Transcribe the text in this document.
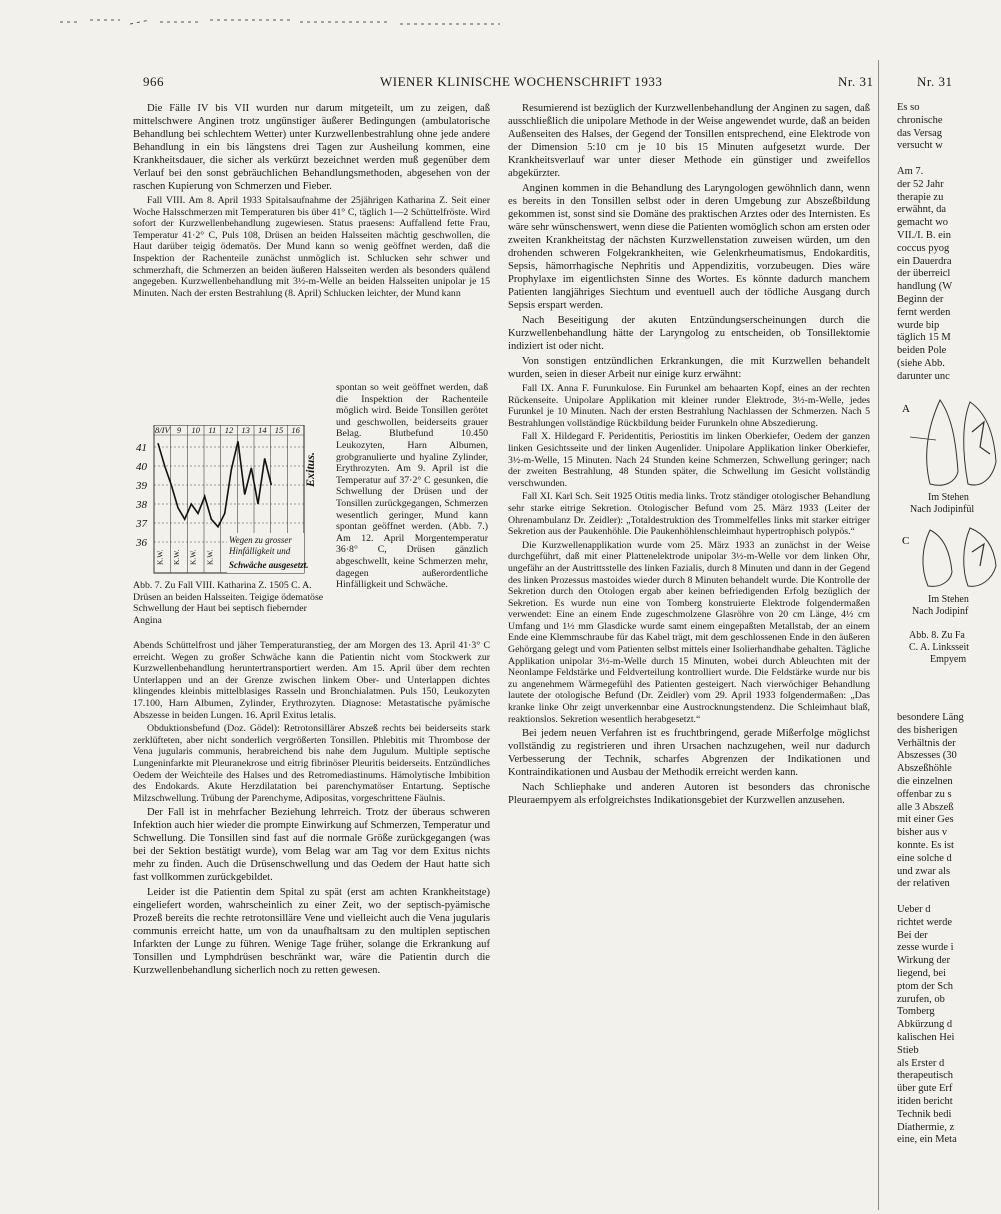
966	WIENER KLINISCHE WOCHENSCHRIFT 1933	Nr. 31	Nr. 31

Die Fälle IV bis VII wurden nur darum mitgeteilt, um zu zeigen, daß mittelschwere Anginen trotz ungünstiger äußerer Bedingungen (ambulatorische Behandlung bei schlechtem Wetter) unter Kurzwellenbestrahlung ohne jede andere Behandlung in ein bis längstens drei Tagen zur Ausheilung kommen, eine Krankheitsdauer, die sicher als verkürzt bezeichnet werden muß gegenüber dem Verlauf bei den sonst gebräuchlichen Behandlungsmethoden, abgesehen von der raschen Kupierung von Schmerzen und Fieber.

Fall VIII. Am 8. April 1933 Spitalsaufnahme der 25jährigen Katharina Z. Seit einer Woche Halsschmerzen mit Temperaturen bis über 41° C, täglich 1—2 Schüttelfröste. Wird sofort der Kurzwellenbehandlung zugewiesen. Status praesens: Auffallend fette Frau, Temperatur 41·2° C, Puls 108, Drüsen an beiden Halsseiten mächtig geschwollen, die Haut darüber teigig ödematös. Der Mund kann so wenig geöffnet werden, daß die Inspektion der Rachenteile zunächst unmöglich ist. Schlucken sehr schwer und schmerzhaft, die Schmerzen an beiden äußeren Halsseiten werden als besonders quälend angegeben. Kurzwellenbehandlung mit 3½-m-Welle an beiden Halsseiten unipolar je 15 Minuten. Nach der ersten Bestrahlung (8. April) Schlucken leichter, der Mund kann

8/IV 9 10 11 12 13 14 15 16
41
40
39
38
37
36
Exitus.
Wegen zu grosser
Hinfälligkeit und
Schwäche ausgesetzt.
K.W. K.W. K.W. K.W.
spontan so weit geöffnet werden, daß die Inspektion der Rachenteile möglich wird. Beide Tonsillen gerötet und geschwollen, beiderseits grauer Belag. Blutbefund 10.450 Leukozyten, Harn Albumen, grobgranulierte und hyaline Zylinder, Erythrozyten. Am 9. April ist die Temperatur auf 37·2° C gesunken, die Schwellung der Drüsen und der Tonsillen zurückgegangen, Schmerzen wesentlich geringer, Mund kann spontan geöffnet werden. (Abb. 7.) Am 12. April Morgentemperatur 36·8° C, Drüsen gänzlich abgeschwellt, keine Schmerzen mehr, dagegen außerordentliche Hinfälligkeit und Schwäche.
Abb. 7. Zu Fall VIII. Katharina Z. 1505 C. A. Drüsen an beiden Halsseiten. Teigige ödematöse Schwellung der Haut bei septisch fiebernder Angina

Abends Schüttelfrost und jäher Temperaturanstieg, der am Morgen des 13. April 41·3° C erreicht. Wegen zu großer Schwäche kann die Patientin nicht vom Stockwerk zur Kurzwellenbehandlung heruntertransportiert werden. Am 15. April über dem rechten Unterlappen und an der Grenze zwischen linkem Ober- und Unterlappen dichtes klingendes kleinbis mittelblasiges Rasseln und Bronchialatmen. Puls 150, Leukozyten 17.100, Harn Albumen, Zylinder, Erythrozyten. Diagnose: Metastatische pyämische Abszesse in beiden Lungen. 16. April Exitus letalis.

Obduktionsbefund (Doz. Gödel): Retrotonsillärer Abszeß rechts bei beiderseits stark zerklüfteten, aber nicht sonderlich vergrößerten Tonsillen. Phlebitis mit Thrombose der Vena jugularis communis, herabreichend bis nahe dem Jugulum. Multiple septische Lungeninfarkte mit Pleuranekrose und eitrig fibrinöser Pleuritis beiderseits. Entzündliches Oedem der Weichteile des Halses und des Retromediastinums. Hämolytische Imbibition des Endokards. Akute Herzdilatation bei parenchymatöser Entartung. Septische Milzschwellung. Trübung der Parenchyme, Adipositas, vorgeschrittene Fäulnis.

Der Fall ist in mehrfacher Beziehung lehrreich. Trotz der überaus schweren Infektion auch hier wieder die prompte Einwirkung auf Schmerzen, Temperatur und Schwellung. Die Tonsillen sind fast auf die normale Größe zurückgegangen (was bei der Sektion bestätigt wurde), vom Belag war am Tag vor dem Exitus nichts mehr zu finden. Auch die Drüsenschwellung und das Oedem der Haut hatte sich fast vollkommen zurückgebildet.

Leider ist die Patientin dem Spital zu spät (erst am achten Krankheitstage) eingeliefert worden, wahrscheinlich zu einer Zeit, wo der septisch-pyämische Prozeß bereits die rechte retrotonsilläre Vene und vielleicht auch die Vena jugularis communis erreicht hatte, um von da unaufhaltsam zu den multiplen septischen Infarkten der Lunge zu führen. Wenige Tage früher, solange die Erkrankung auf Tonsillen und Lymphdrüsen beschränkt war, wäre die Patientin durch die Kurzwellenbehandlung sicherlich noch zu retten gewesen.

Resumierend ist bezüglich der Kurzwellenbehandlung der Anginen zu sagen, daß ausschließlich die unipolare Methode in der Weise angewendet wurde, daß an beiden Außenseiten des Halses, der Gegend der Tonsillen entsprechend, eine Elektrode von der Dimension 5:10 cm je 10 bis 15 Minuten aufgesetzt wurde. Der Krankheitsverlauf war unter dieser Methode ein günstiger und zweifellos abgekürzter.

Anginen kommen in die Behandlung des Laryngologen gewöhnlich dann, wenn es bereits in den Tonsillen selbst oder in deren Umgebung zur Abszeßbildung gekommen ist, sonst sind sie Domäne des praktischen Arztes oder des Internisten. Es wäre sehr wünschenswert, wenn diese die Patienten womöglich schon am ersten oder zweiten Krankheitstag der nächsten Kurzwellenstation zuweisen würden, um den drohenden schweren Folgekrankheiten, wie Gelenkrheumatismus, Endokarditis, Sepsis, hämorrhagische Nephritis und Appendizitis, vorzubeugen. Dies wäre Prophylaxe im eigentlichsten Sinne des Wortes. Es könnte dadurch manchem Patienten langjähriges Siechtum und eventuell auch der tödliche Ausgang durch Sepsis erspart werden.

Nach Beseitigung der akuten Entzündungserscheinungen durch die Kurzwellenbehandlung hätte der Laryngolog zu entscheiden, ob Tonsillektomie indiziert ist oder nicht.

Von sonstigen entzündlichen Erkrankungen, die mit Kurzwellen behandelt wurden, seien in dieser Arbeit nur einige kurz erwähnt:

Fall IX. Anna F. Furunkulose. Ein Furunkel am behaarten Kopf, eines an der rechten Rückenseite. Unipolare Applikation mit kleiner runder Elektrode, 3½-m-Welle, jedes Furunkel je 10 Minuten. Nach der ersten Bestrahlung Nachlassen der Schmerzen. Nach 5 Bestrahlungen vollständige Rückbildung beider Furunkeln ohne Abszedierung.

Fall X. Hildegard F. Peridentitis, Periostitis im linken Oberkiefer, Oedem der ganzen linken Gesichtsseite und der linken Augenlider. Unipolare Applikation linker Oberkiefer, 3½-m-Welle, 15 Minuten. Nach 24 Stunden keine Schmerzen, Schwellung geringer; nach der zweiten Bestrahlung, 48 Stunden später, die Schwellung im Gesicht vollständig verschwunden.

Fall XI. Karl Sch. Seit 1925 Otitis media links. Trotz ständiger otologischer Behandlung sehr starke eitrige Sekretion. Otologischer Befund vom 25. März 1933 (Leiter der Ohrenambulanz Dr. Zeidler): „Totaldestruktion des Trommelfelles links mit starker eitriger Sekretion aus der Paukenhöhle. Die Paukenhöhlenschleimhaut hypertrophisch polypös.“

Die Kurzwellenapplikation wurde vom 25. März 1933 an zunächst in der Weise durchgeführt, daß mit einer Plattenelektrode unipolar 3½-m-Welle vor dem linken Ohr, ungefähr an der Austrittsstelle des linken Fazialis, durch 8 Minuten und dann in der Gegend des linken Prozessus mastoides wieder durch 8 Minuten behandelt wurde. Die Kontrolle der Sekretion durch den Otologen ergab aber keinen befriedigenden Erfolg bezüglich der Sekretion. Es wurde nun eine von Tomberg konstruierte Elektrode folgendermaßen verwendet: Eine an einem Ende zugeschmolzene Glasröhre von 20 cm Länge, 4½ cm Umfang und 1½ mm Glasdicke wurde samt einem eingepaßten Metallstab, der an einem Ende eine Klemmschraube für das Kabel trägt, mit dem geschlossenen Ende in den äußeren Gehörgang gelegt und vom Patienten selbst mittels einer Isolierhandhabe gehalten. Tägliche Applikation unipolar 3½-m-Welle durch 15 Minuten, wobei durch Ableuchten mit der Neonlampe Feldstärke und Feldverteilung kontrolliert wurde. Die Feldstärke wurde nur bis zu angenehmem Wärmegefühl des Patienten gesteigert. Nach vierwöchiger Behandlung lautete der otologische Befund (Dr. Zeidler) vom 29. April 1933 folgendermaßen: „Das kranke linke Ohr zeigt unverkennbar eine Austrocknungstendenz. Die Schleimhaut blaß, reaktionslos. Sekretion wesentlich herabgesetzt.“

Bei jedem neuen Verfahren ist es fruchtbringend, gerade Mißerfolge möglichst vollständig zu registrieren und ihren Ursachen nachzugehen, weil nur dadurch Verbesserung der Technik, scharfes Abgrenzen der Indikationen und Kontraindikationen und Ausbau der Methodik erreicht werden kann.

Nach Schliephake und anderen Autoren ist besonders das chronische Pleuraempyem als erfolgreichstes Indikationsgebiet der Kurzwellen anzusehen.

Es so
chronische
das Versag
versucht w

Am 7.
der 52 Jahr
therapie zu
erwähnt, da
gemacht wo
VII./I. B. ein
coccus pyog
ein Dauerdra
der überreicl
handlung (W
Beginn der
fernt werden
wurde bip
täglich 15 M
beiden Pole
(siehe Abb.
darunter unc
A
Im Stehen
Nach Jodipinfül
C
Im Stehen
Nach Jodipinf
Abb. 8. Zu Fa
C. A. Linksseit
Empyem
besondere Läng
des bisherigen
Verhältnis der
Abszesses (30
Abszeßhöhle
die einzelnen
offenbar zu s
alle 3 Abszeß
mit einer Ges
bisher aus v
konnte. Es ist
eine solche d
und zwar als
der relativen

Ueber d
richtet werde
Bei der
zesse wurde i
Wirkung der
liegend, bei
ptom der Sch
zurufen, ob
Tomberg
Abkürzung d
kalischen Hei
Stieb
als Erster d
therapeutisch
über gute Erf
itiden bericht
Technik bedi
Diathermie, z
eine, ein Meta
